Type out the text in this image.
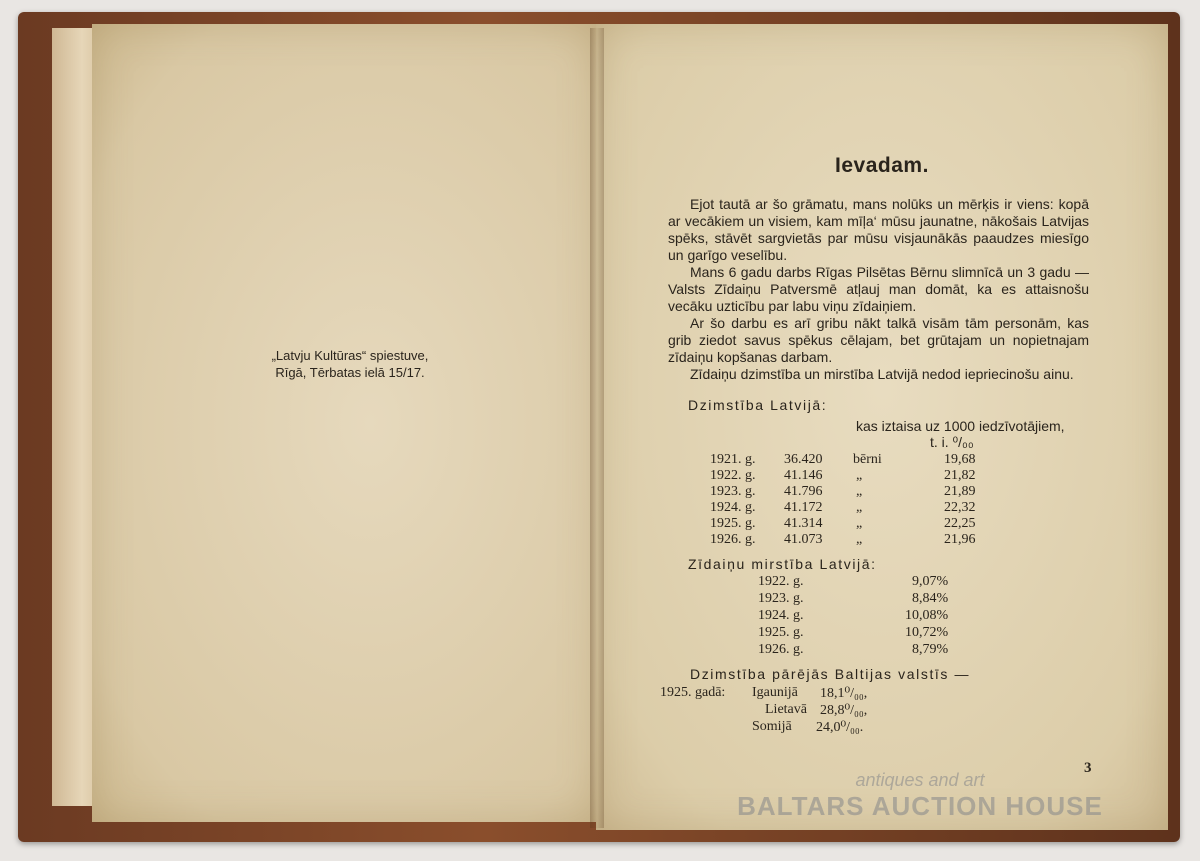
„Latvju Kultūras“ spiestuve,
Rīgā, Tērbatas ielā 15/17.
Ievadam.

Ejot tautā ar šo grāmatu, mans nolūks un mērķis ir viens: kopā ar vecākiem un visiem, kam mīļa‘ mūsu jaunatne, nākošais Latvijas spēks, stāvēt sargvietās par mūsu visjaunākās paaudzes miesīgo un garīgo veselību.

Mans 6 gadu darbs Rīgas Pilsētas Bērnu slimnīcā un 3 gadu — Valsts Zīdaiņu Patversmē atļauj man domāt, ka es attaisnošu vecāku uzticību par labu viņu zīdaiņiem.

Ar šo darbu es arī gribu nākt talkā visām tām personām, kas grib ziedot savus spēkus cēlajam, bet grūtajam un nopietnajam zīdaiņu kopšanas darbam.

Zīdaiņu dzimstība un mirstība Latvijā nedod iepriecinošu ainu.

Dzimstība Latvijā:
kas iztaisa uz 1000 iedzīvotājiem,
t. i. ⁰/₀₀
1921. g. 36.420 bērni	19,68
1922. g. 41.146 „	21,82
1923. g. 41.796 „	21,89
1924. g. 41.172 „	22,32
1925. g. 41.314 „	22,25
1926. g. 41.073 „	21,96
Zīdaiņu mirstība Latvijā:
1922. g.	9,07%
1923. g.	8,84%
1924. g.	10,08%
1925. g.	10,72%
1926. g.	8,79%
Dzimstība pārējās Baltijas valstīs —
1925. gadā: Igaunijā 18,1⁰/₀₀,
Lietavā 28,8⁰/₀₀,
Somijā 24,0⁰/₀₀.
3
antiques and art
BALTARS AUCTION HOUSE
